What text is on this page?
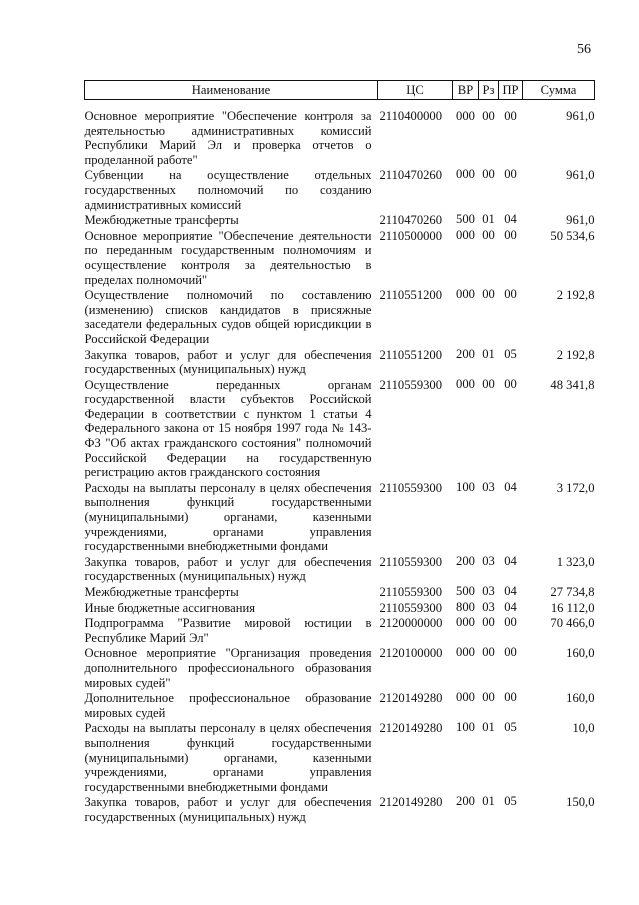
56
Наименование	ЦС	ВР	Рз	ПР	Сумма
Основное мероприятие "Обеспечение контроля за деятельностью административных комиссий Республики Марий Эл и проверка отчетов о проделанной работе"	2110400000	000	00	00	961,0
Субвенции на осуществление отдельных государственных полномочий по созданию административных комиссий	2110470260	000	00	00	961,0
Межбюджетные трансферты	2110470260	500	01	04	961,0
Основное мероприятие "Обеспечение деятельности по переданным государственным полномочиям и осуществление контроля за деятельностью в пределах полномочий"	2110500000	000	00	00	50 534,6
Осуществление полномочий по составлению (изменению) списков кандидатов в присяжные заседатели федеральных судов общей юрисдикции в Российской Федерации	2110551200	000	00	00	2 192,8
Закупка товаров, работ и услуг для обеспечения государственных (муниципальных) нужд	2110551200	200	01	05	2 192,8
Осуществление переданных органам государственной власти субъектов Российской Федерации в соответствии с пунктом 1 статьи 4 Федерального закона от 15 ноября 1997 года № 143-ФЗ "Об актах гражданского состояния" полномочий Российской Федерации на государственную регистрацию актов гражданского состояния	2110559300	000	00	00	48 341,8
Расходы на выплаты персоналу в целях обеспечения выполнения функций государственными (муниципальными) органами, казенными учреждениями, органами управления государственными внебюджетными фондами	2110559300	100	03	04	3 172,0
Закупка товаров, работ и услуг для обеспечения государственных (муниципальных) нужд	2110559300	200	03	04	1 323,0
Межбюджетные трансферты	2110559300	500	03	04	27 734,8
Иные бюджетные ассигнования	2110559300	800	03	04	16 112,0
Подпрограмма "Развитие мировой юстиции в Республике Марий Эл"	2120000000	000	00	00	70 466,0
Основное мероприятие "Организация проведения дополнительного профессионального образования мировых судей"	2120100000	000	00	00	160,0
Дополнительное профессиональное образование мировых судей	2120149280	000	00	00	160,0
Расходы на выплаты персоналу в целях обеспечения выполнения функций государственными (муниципальными) органами, казенными учреждениями, органами управления государственными внебюджетными фондами	2120149280	100	01	05	10,0
Закупка товаров, работ и услуг для обеспечения государственных (муниципальных) нужд	2120149280	200	01	05	150,0
